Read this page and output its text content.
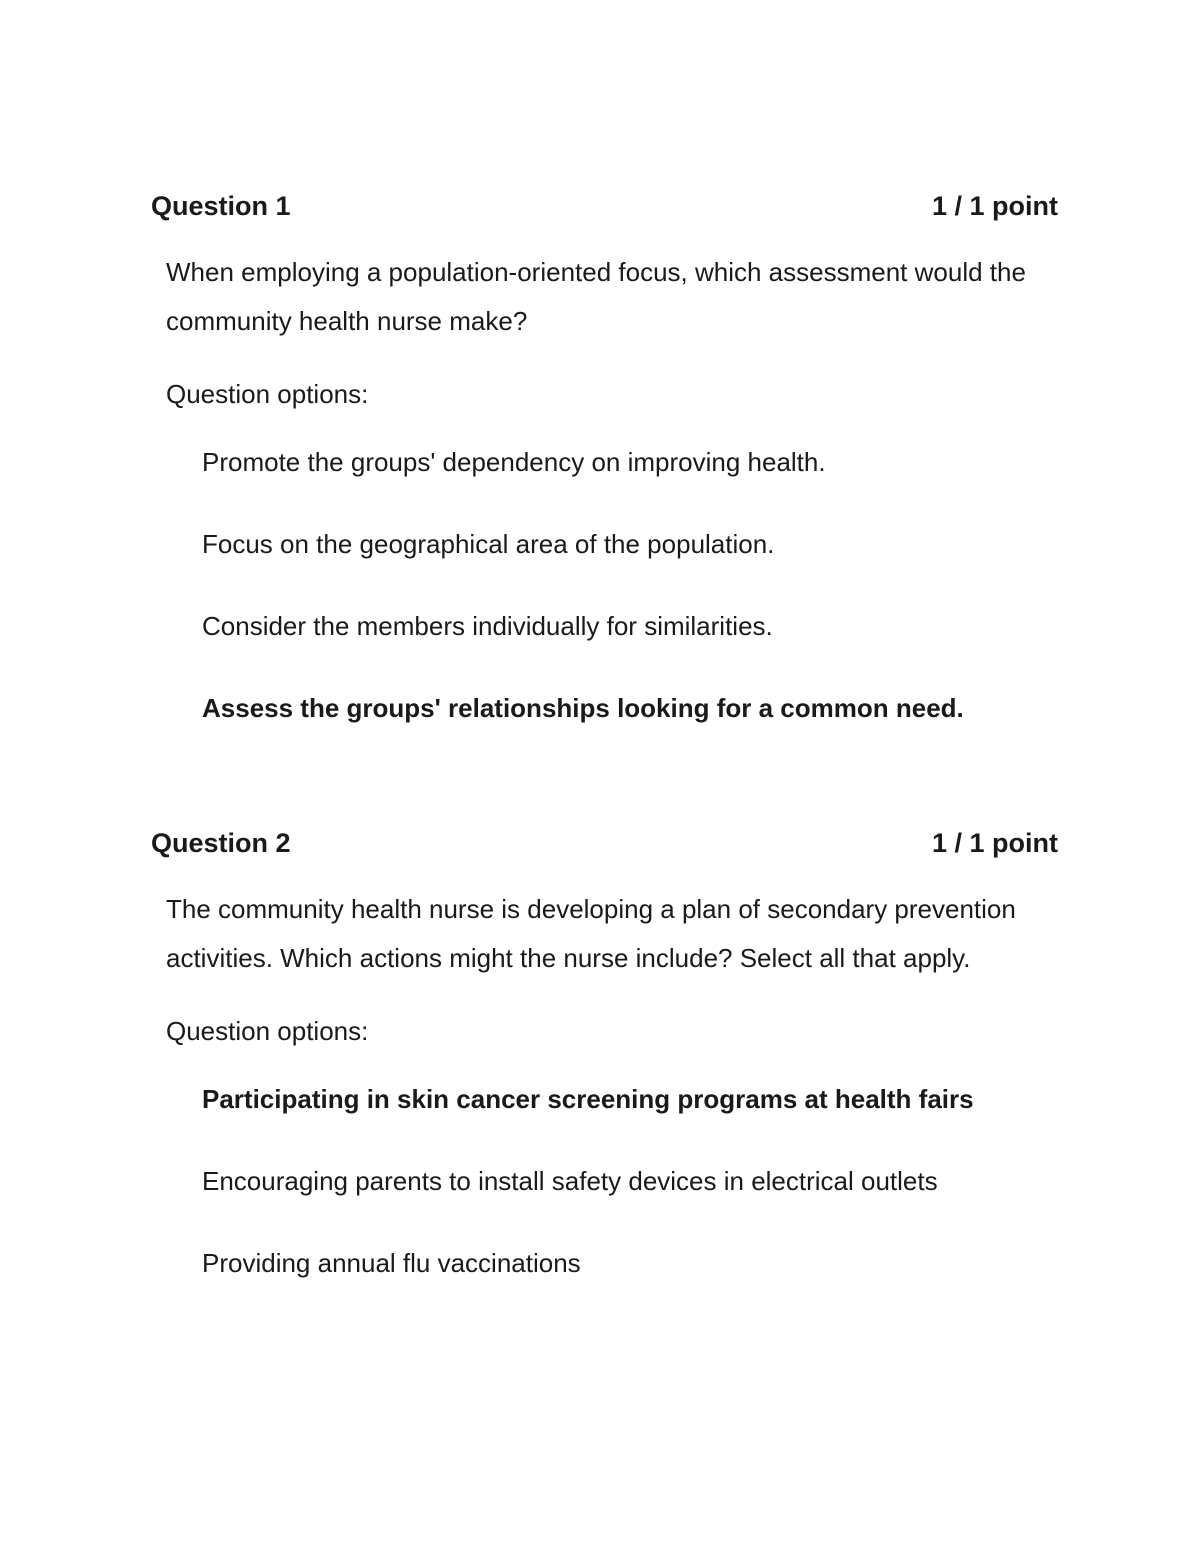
Question 1	1 / 1 point
When employing a population-oriented focus, which assessment would the community health nurse make?
Question options:
Promote the groups' dependency on improving health.
Focus on the geographical area of the population.
Consider the members individually for similarities.
Assess the groups' relationships looking for a common need.
Question 2	1 / 1 point
The community health nurse is developing a plan of secondary prevention activities. Which actions might the nurse include? Select all that apply.
Question options:
Participating in skin cancer screening programs at health fairs
Encouraging parents to install safety devices in electrical outlets
Providing annual flu vaccinations
